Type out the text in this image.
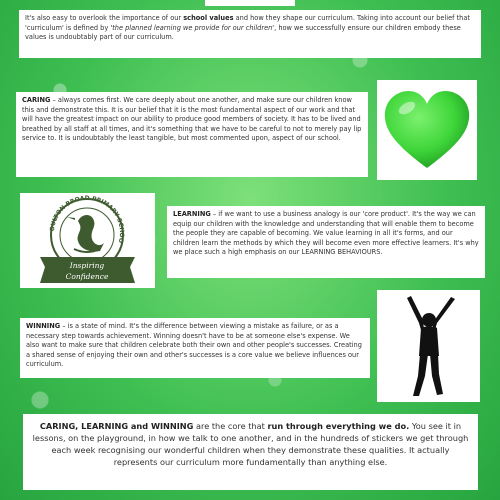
It's also easy to overlook the importance of our school values and how they shape our curriculum. Taking into account our belief that 'curriculum' is defined by 'the planned learning we provide for our children', how we successfully ensure our children embody these values is undoubtably part of our curriculum.
CARING – always comes first. We care deeply about one another, and make sure our children know this and demonstrate this. It is our belief that it is the most fundamental aspect of our work and that will have the greatest impact on our ability to produce good members of society. It has to be lived and breathed by all staff at all times, and it's something that we have to be careful to not to merely pay lip service to. It is undoubtably the least tangible, but most commented upon, aspect of our school.
OULTON BROAD PRIMARY SCHOO
Inspiring
Confidence
LEARNING – if we want to use a business analogy is our 'core product'. It's the way we can equip our children with the knowledge and understanding that will enable them to become the people they are capable of becoming. We value learning in all it's forms, and our children learn the methods by which they will become even more effective learners. It's why we place such a high emphasis on our LEARNING BEHAVIOURS.
WINNING – is a state of mind. It's the difference between viewing a mistake as failure, or as a necessary step towards achievement. Winning doesn't have to be at someone else's expense. We also want to make sure that children celebrate both their own and other people's successes. Creating a shared sense of enjoying their own and other's successes is a core value we believe influences our curriculum.
CARING, LEARNING and WINNING are the core that run through everything we do. You see it in lessons, on the playground, in how we talk to one another, and in the hundreds of stickers we get through each week recognising our wonderful children when they demonstrate these qualities. It actually represents our curriculum more fundamentally than anything else.
